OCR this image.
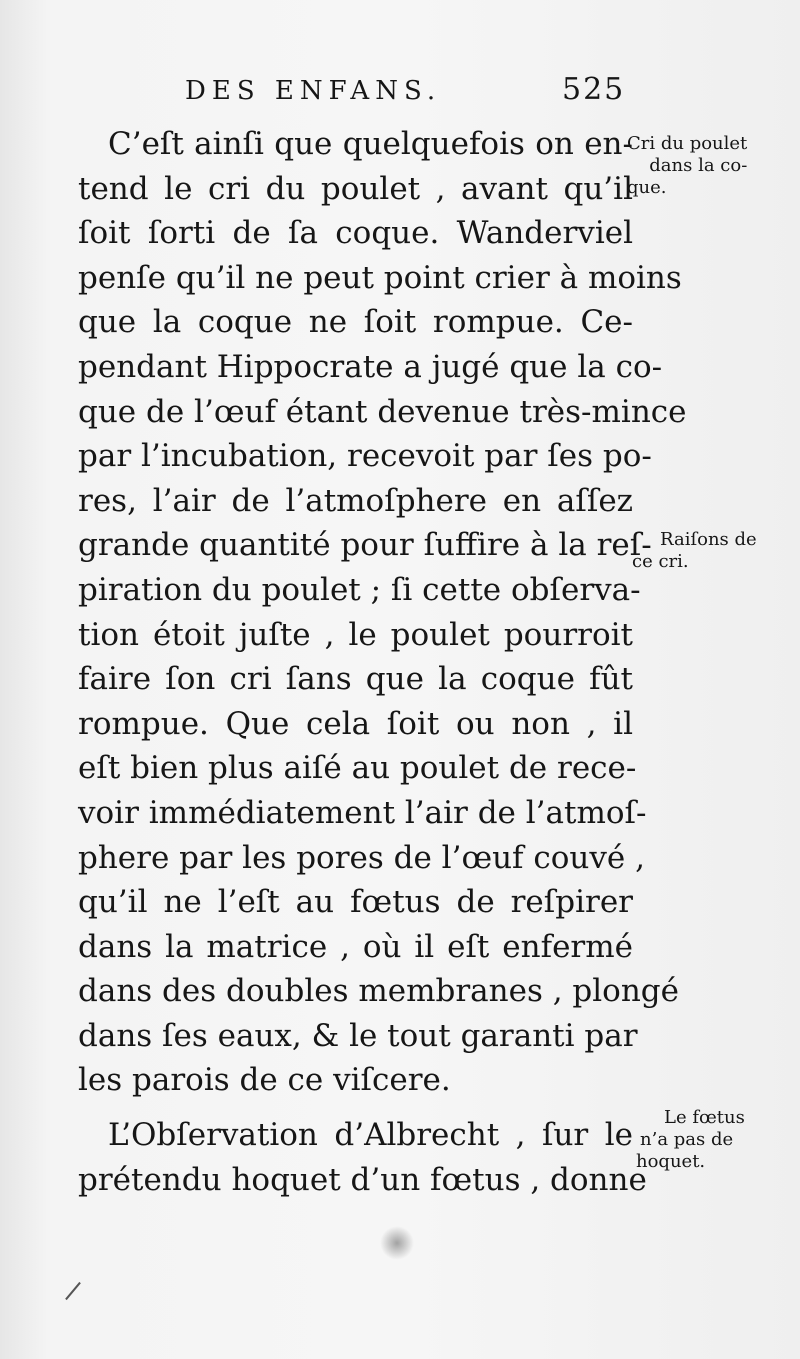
DES ENFANS.	525
C’eſt ainſi que quelquefois on en-
tend le cri du poulet , avant qu’il
ſoit ſorti de ſa coque. Wanderviel
penſe qu’il ne peut point crier à moins
que la coque ne ſoit rompue. Ce-
pendant Hippocrate a jugé que la co-
que de l’œuf étant devenue très-mince
par l’incubation, recevoit par ſes po-
res, l’air de l’atmoſphere en aſſez
grande quantité pour ſuffire à la reſ-
piration du poulet ; ſi cette obſerva-
tion étoit juſte , le poulet pourroit
faire ſon cri ſans que la coque fût
rompue. Que cela ſoit ou non , il
eſt bien plus aiſé au poulet de rece-
voir immédiatement l’air de l’atmoſ-
phere par les pores de l’œuf couvé ,
qu’il ne l’eſt au fœtus de reſpirer
dans la matrice , où il eſt enfermé
dans des doubles membranes , plongé
dans ſes eaux, & le tout garanti par
les parois de ce viſcere.
L’Obſervation d’Albrecht , ſur le
prétendu hoquet d’un fœtus , donne
Cri du poulet
dans la co-
que.
Raiſons de
ce cri.
Le fœtus
n’a pas de
hoquet.
